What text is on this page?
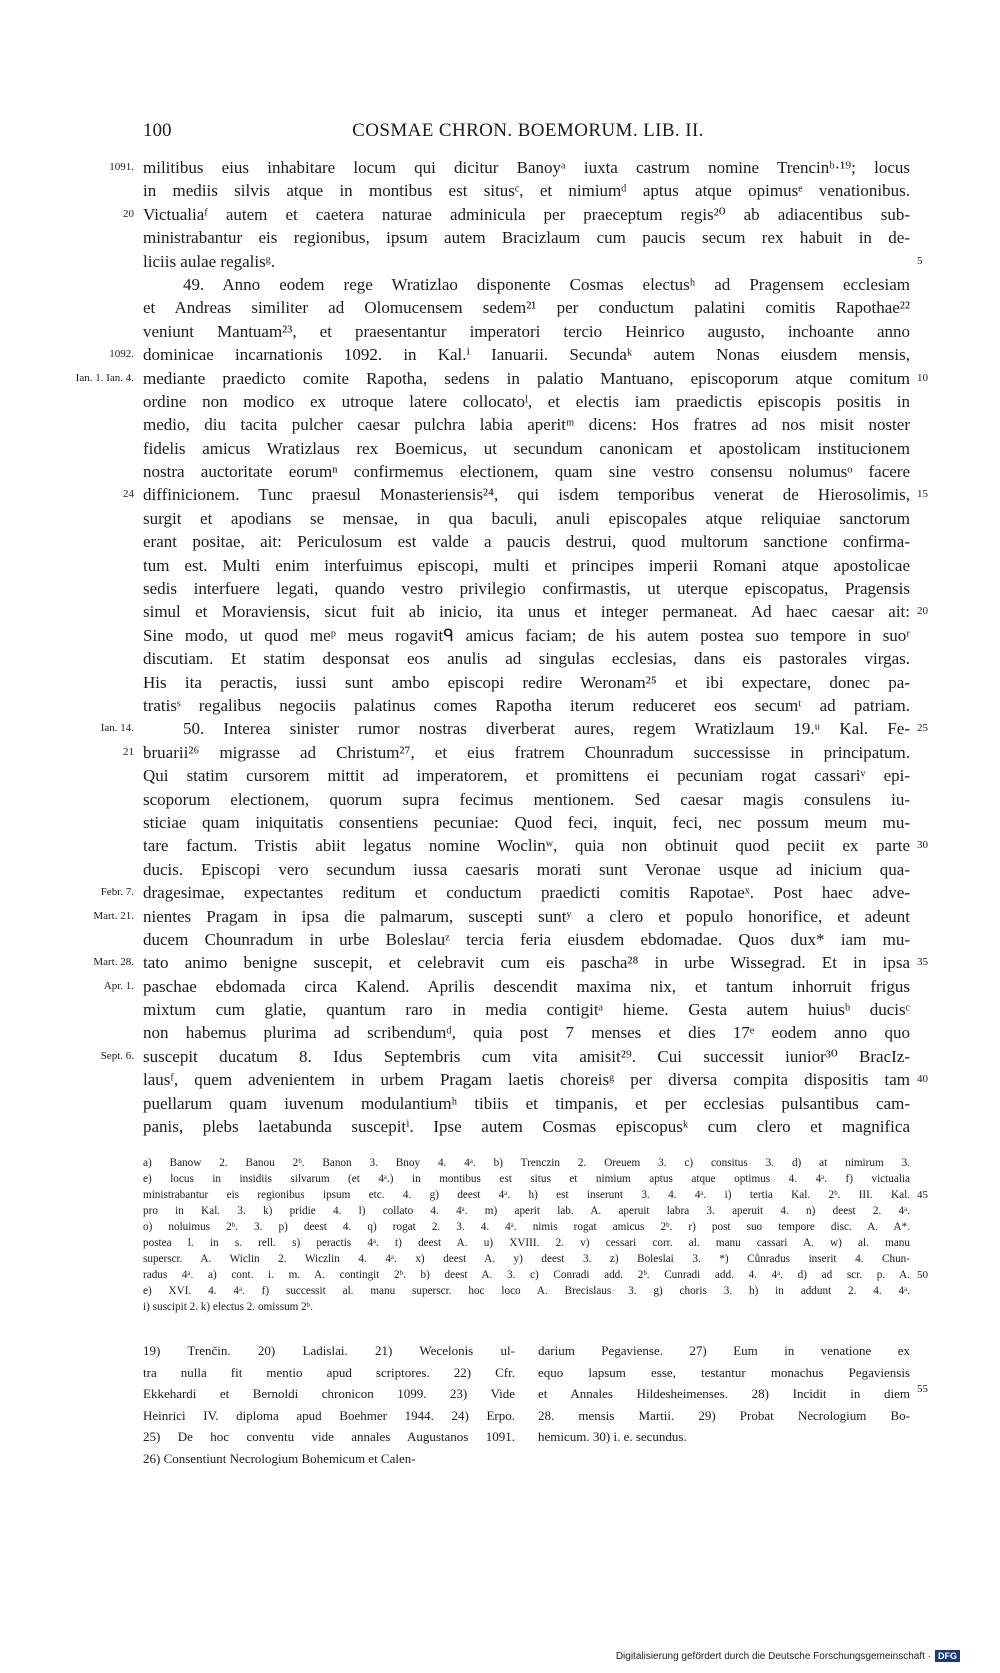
100	COSMAE CHRON. BOEMORUM. LIB. II.
1091. militibus eius inhabitare locum qui dicitur Banoyᵃ iuxta castrum nomine Trencinᵇ·¹⁹; locus
in mediis silvis atque in montibus est situsᶜ, et nimiumᵈ aptus atque opimusᵉ venationibus.
20 Victualiaᶠ autem et caetera naturae adminicula per praeceptum regis²⁰ ab adiacentibus sub-
ministrabantur eis regionibus, ipsum autem Bracizlaum cum paucis secum rex habuit in de-
liciis aulae regalisᵍ.	5
49. Anno eodem rege Wratizlao disponente Cosmas electusʰ ad Pragensem ecclesiam
et Andreas similiter ad Olomucensem sedem²¹ per conductum palatini comitis Rapothae²²
veniunt Mantuam²³, et praesentantur imperatori tercio Heinrico augusto, inchoante anno
1092. dominicae incarnationis 1092. in Kal.ⁱ Ianuarii. Secundaᵏ autem Nonas eiusdem mensis,
Ian. 1. Ian. 4. mediante praedicto comite Rapotha, sedens in palatio Mantuano, episcoporum atque comitum 10
ordine non modico ex utroque latere collocatoˡ, et electis iam praedictis episcopis positis in
medio, diu tacita pulcher caesar pulchra labia aperitᵐ dicens: Hos fratres ad nos misit noster
fidelis amicus Wratizlaus rex Boemicus, ut secundum canonicam et apostolicam institucionem
nostra auctoritate eorumⁿ confirmemus electionem, quam sine vestro consensu nolumusᵒ facere
24 diffinicionem. Tunc praesul Monasteriensis²⁴, qui isdem temporibus venerat de Hierosolimis, 15
surgit et apodians se mensae, in qua baculi, anuli episcopales atque reliquiae sanctorum
erant positae, ait: Periculosum est valde a paucis destrui, quod multorum sanctione confirma-
tum est. Multi enim interfuimus episcopi, multi et principes imperii Romani atque apostolicae
sedis interfuere legati, quando vestro privilegio confirmastis, ut uterque episcopatus, Pragensis
simul et Moraviensis, sicut fuit ab inicio, ita unus et integer permaneat. Ad haec caesar ait: 20
Sine modo, ut quod meᵖ meus rogavitᑫ amicus faciam; de his autem postea suo tempore in suoʳ
discutiam. Et statim desponsat eos anulis ad singulas ecclesias, dans eis pastorales virgas.
His ita peractis, iussi sunt ambo episcopi redire Weronam²⁵ et ibi expectare, donec pa-
tratisˢ regalibus negociis palatinus comes Rapotha iterum reduceret eos secumᵗ ad patriam.
Ian. 14.	50. Interea sinister rumor nostras diverberat aures, regem Wratizlaum 19.ᵘ Kal. Fe- 25
21 bruarii²⁶ migrasse ad Christum²⁷, et eius fratrem Chounradum successisse in principatum.
Qui statim cursorem mittit ad imperatorem, et promittens ei pecuniam rogat cassariᵛ epi-
scoporum electionem, quorum supra fecimus mentionem. Sed caesar magis consulens iu-
sticiae quam iniquitatis consentiens pecuniae: Quod feci, inquit, feci, nec possum meum mu-
tare factum. Tristis abiit legatus nomine Woclinʷ, quia non obtinuit quod peciit ex parte 30
ducis. Episcopi vero secundum iussa caesaris morati sunt Veronae usque ad inicium qua-
Febr. 7. dragesimae, expectantes reditum et conductum praedicti comitis Rapotaeˣ. Post haec adve-
Mart. 21. nientes Pragam in ipsa die palmarum, suscepti suntʸ a clero et populo honorifice, et adeunt
ducem Chounradum in urbe Boleslauᶻ tercia feria eiusdem ebdomadae. Quos dux* iam mu-
Mart. 28. tato animo benigne suscepit, et celebravit cum eis pascha²⁸ in urbe Wissegrad. Et in ipsa 35
Apr. 1. paschae ebdomada circa Kalend. Aprilis descendit maxima nix, et tantum inhorruit frigus
mixtum cum glatie, quantum raro in media contigitᵃ hieme. Gesta autem huiusᵇ ducisᶜ
non habemus plurima ad scribendumᵈ, quia post 7 menses et dies 17ᵉ eodem anno quo
Sept. 6. suscepit ducatum 8. Idus Septembris cum vita amisit²⁹. Cui successit iunior³⁰ BracIz-
lausᶠ, quem advenientem in urbem Pragam laetis choreisᵍ per diversa compita dispositis tam 40
puellarum quam iuvenum modulantiumʰ tibiis et timpanis, et per ecclesias pulsantibus cam-
panis, plebs laetabunda suscepitⁱ. Ipse autem Cosmas episcopusᵏ cum clero et magnifica
a) Banow 2. Banou 2ᵇ. Banon 3. Bnoy 4. 4ᵃ. b) Trenczin 2. Oreuem 3. c) consitus 3. d) at nimirum 3.
e) locus in insidiis silvarum (et 4ᵃ.) in montibus est situs et nimium aptus atque optimus 4. 4ᵃ. f) victualia
ministrabantur eis regionibus ipsum etc. 4. g) deest 4ᵃ. h) est inserunt 3. 4. 4ᵃ. i) tertia Kal. 2ᵇ. III. Kal. 45
pro in Kal. 3. k) pridie 4. l) collato 4. 4ᵃ. m) aperit lab. A. aperuit labra 3. aperuit 4. n) deest 2. 4ᵃ.
o) noluimus 2ᵇ. 3. p) deest 4. q) rogat 2. 3. 4. 4ᵃ. nimis rogat amicus 2ᵇ. r) post suo tempore disc. A. A*.
postea l. in s. rell. s) peractis 4ᵃ. t) deest A. u) XVIII. 2. v) cessari corr. al. manu cassari A. w) al. manu
superscr. A. Wiclin 2. Wiczlin 4. 4ᵃ. x) deest A. y) deest 3. z) Boleslai 3. *) Cůnradus inserit 4. Chun-
radus 4ᵃ. a) cont. i. m. A. contingit 2ᵇ. b) deest A. 3. c) Conradi add. 2ᵇ. Cunradi add. 4. 4ᵃ. d) ad scr. p. A. 50
e) XVI. 4. 4ᵃ. f) successit al. manu superscr. hoc loco A. Brecislaus 3. g) choris 3. h) in addunt 2. 4. 4ᵃ.
i) suscipit 2. k) electus 2. omissum 2ᵇ.
19) Trenčin. 20) Ladislai. 21) Wecelonis ul-
tra nulla fit mentio apud scriptores. 22) Cfr.
Ekkehardi et Bernoldi chronicon 1099. 23) Vide
Heinrici IV. diploma apud Boehmer 1944. 24) Erpo.
25) De hoc conventu vide annales Augustanos 1091.
26) Consentiunt Necrologium Bohemicum et Calen-
darium Pegaviense. 27) Eum in venatione ex
equo lapsum esse, testantur monachus Pegaviensis
et Annales Hildesheimenses. 28) Incidit in diem
28. mensis Martii. 29) Probat Necrologium Bo-
hemicum. 30) i. e. secundus.
55
Digitalisierung gefördert durch die Deutsche Forschungsgemeinschaft · DFG
